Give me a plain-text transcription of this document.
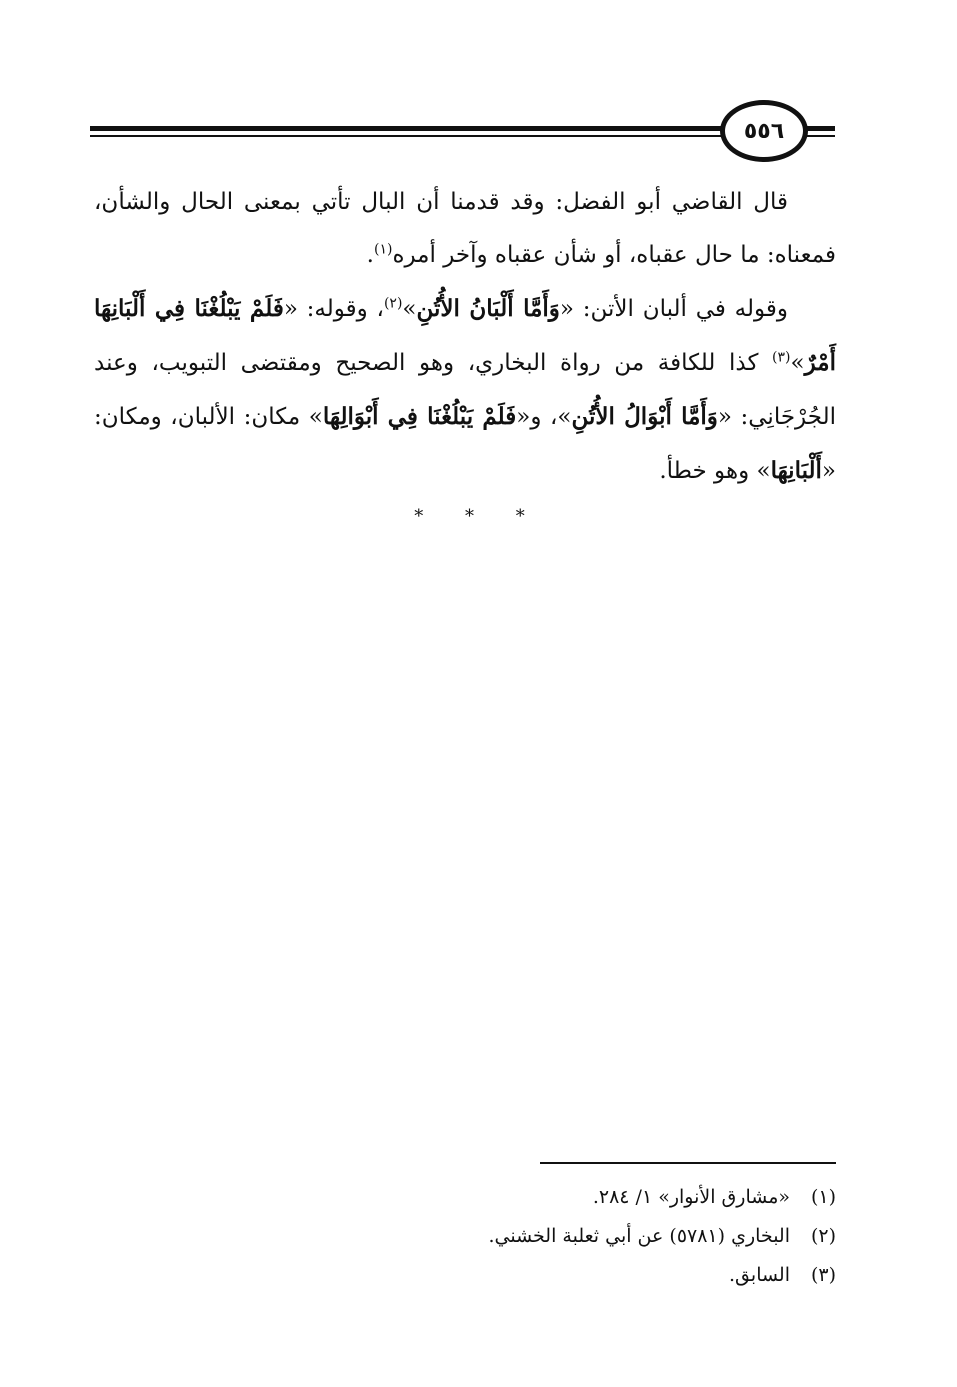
٥٥٦

قال القاضي أبو الفضل: وقد قدمنا أن البال تأتي بمعنى الحال والشأن، فمعناه: ما حال عقباه، أو شأن عقباه وآخر أمره$^{(١)}$.

وقوله في ألبان الأتن: «وَأَمَّا أَلْبَانُ الأُتُنِ»$^{(٢)}$، وقوله: «فَلَمْ يَبْلُغْنَا فِي أَلْبَانِهَا أَمْرٌ»$^{(٣)}$ كذا للكافة من رواة البخاري، وهو الصحيح ومقتضى التبويب، وعند الجُرْجَانِي: «وَأَمَّا أَبْوَالُ الأُتُنِ»، و«فَلَمْ يَبْلُغْنَا فِي أَبْوَالِهَا» مكان: الألبان، ومكان: «أَلْبَانِهَا» وهو خطأ.

* * *

(١)«مشارق الأنوار» ١/ ٢٨٤.

(٢)البخاري (٥٧٨١) عن أبي ثعلبة الخشني.

(٣)السابق.
